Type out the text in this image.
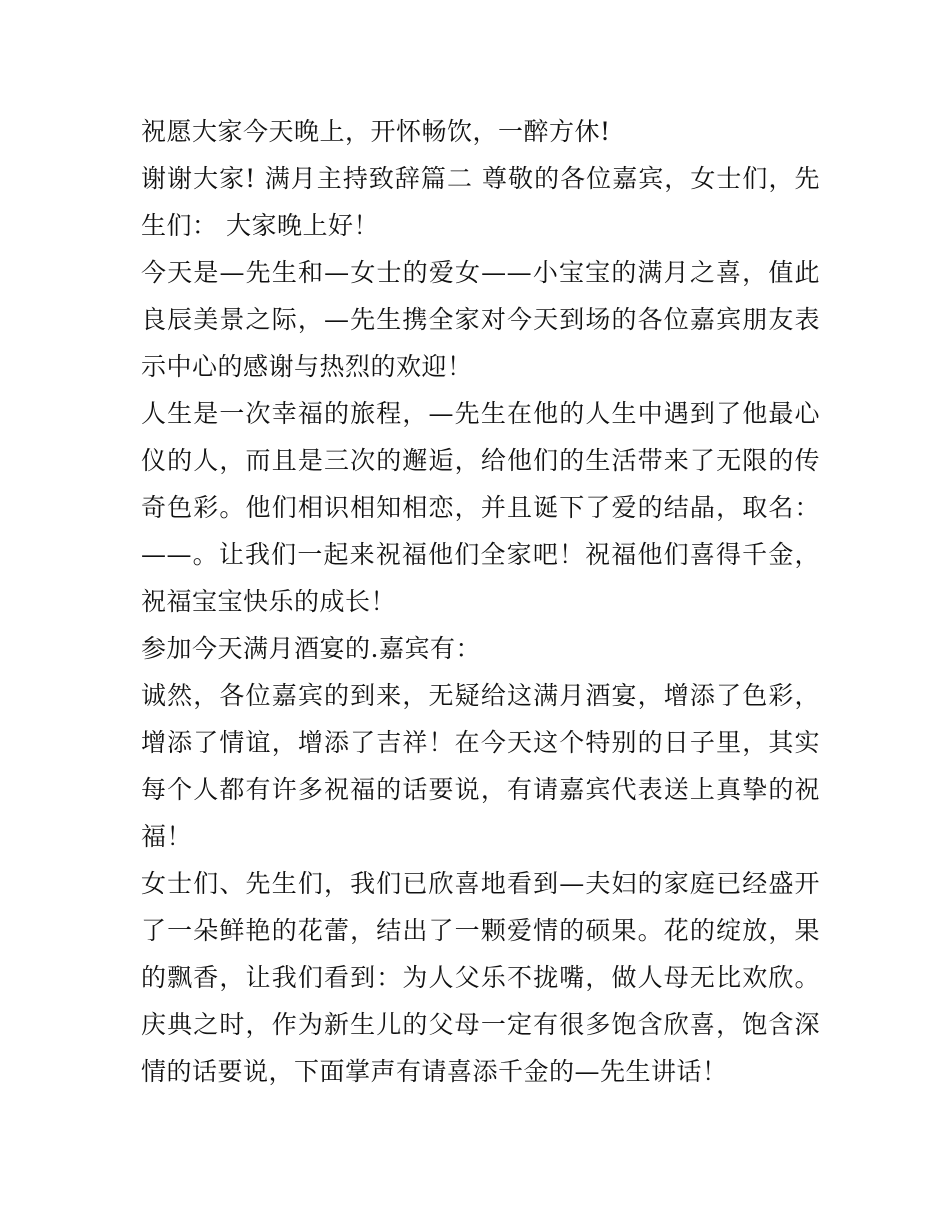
祝愿大家今天晚上，开怀畅饮，一醉方休!

谢谢大家! 满月主持致辞篇二 尊敬的各位嘉宾，女士们，先生们： 大家晚上好！

今天是—先生和—女士的爱女——小宝宝的满月之喜，值此良辰美景之际，—先生携全家对今天到场的各位嘉宾朋友表示中心的感谢与热烈的欢迎！

人生是一次幸福的旅程，—先生在他的人生中遇到了他最心仪的人，而且是三次的邂逅，给他们的生活带来了无限的传奇色彩。他们相识相知相恋，并且诞下了爱的结晶，取名：——。让我们一起来祝福他们全家吧！祝福他们喜得千金，祝福宝宝快乐的成长！

参加今天满月酒宴的.嘉宾有：

诚然，各位嘉宾的到来，无疑给这满月酒宴，增添了色彩，增添了情谊，增添了吉祥！在今天这个特别的日子里，其实每个人都有许多祝福的话要说，有请嘉宾代表送上真挚的祝福！

女士们、先生们，我们已欣喜地看到—夫妇的家庭已经盛开了一朵鲜艳的花蕾，结出了一颗爱情的硕果。花的绽放，果的飘香，让我们看到：为人父乐不拢嘴，做人母无比欢欣。庆典之时，作为新生儿的父母一定有很多饱含欣喜，饱含深情的话要说，下面掌声有请喜添千金的—先生讲话！
